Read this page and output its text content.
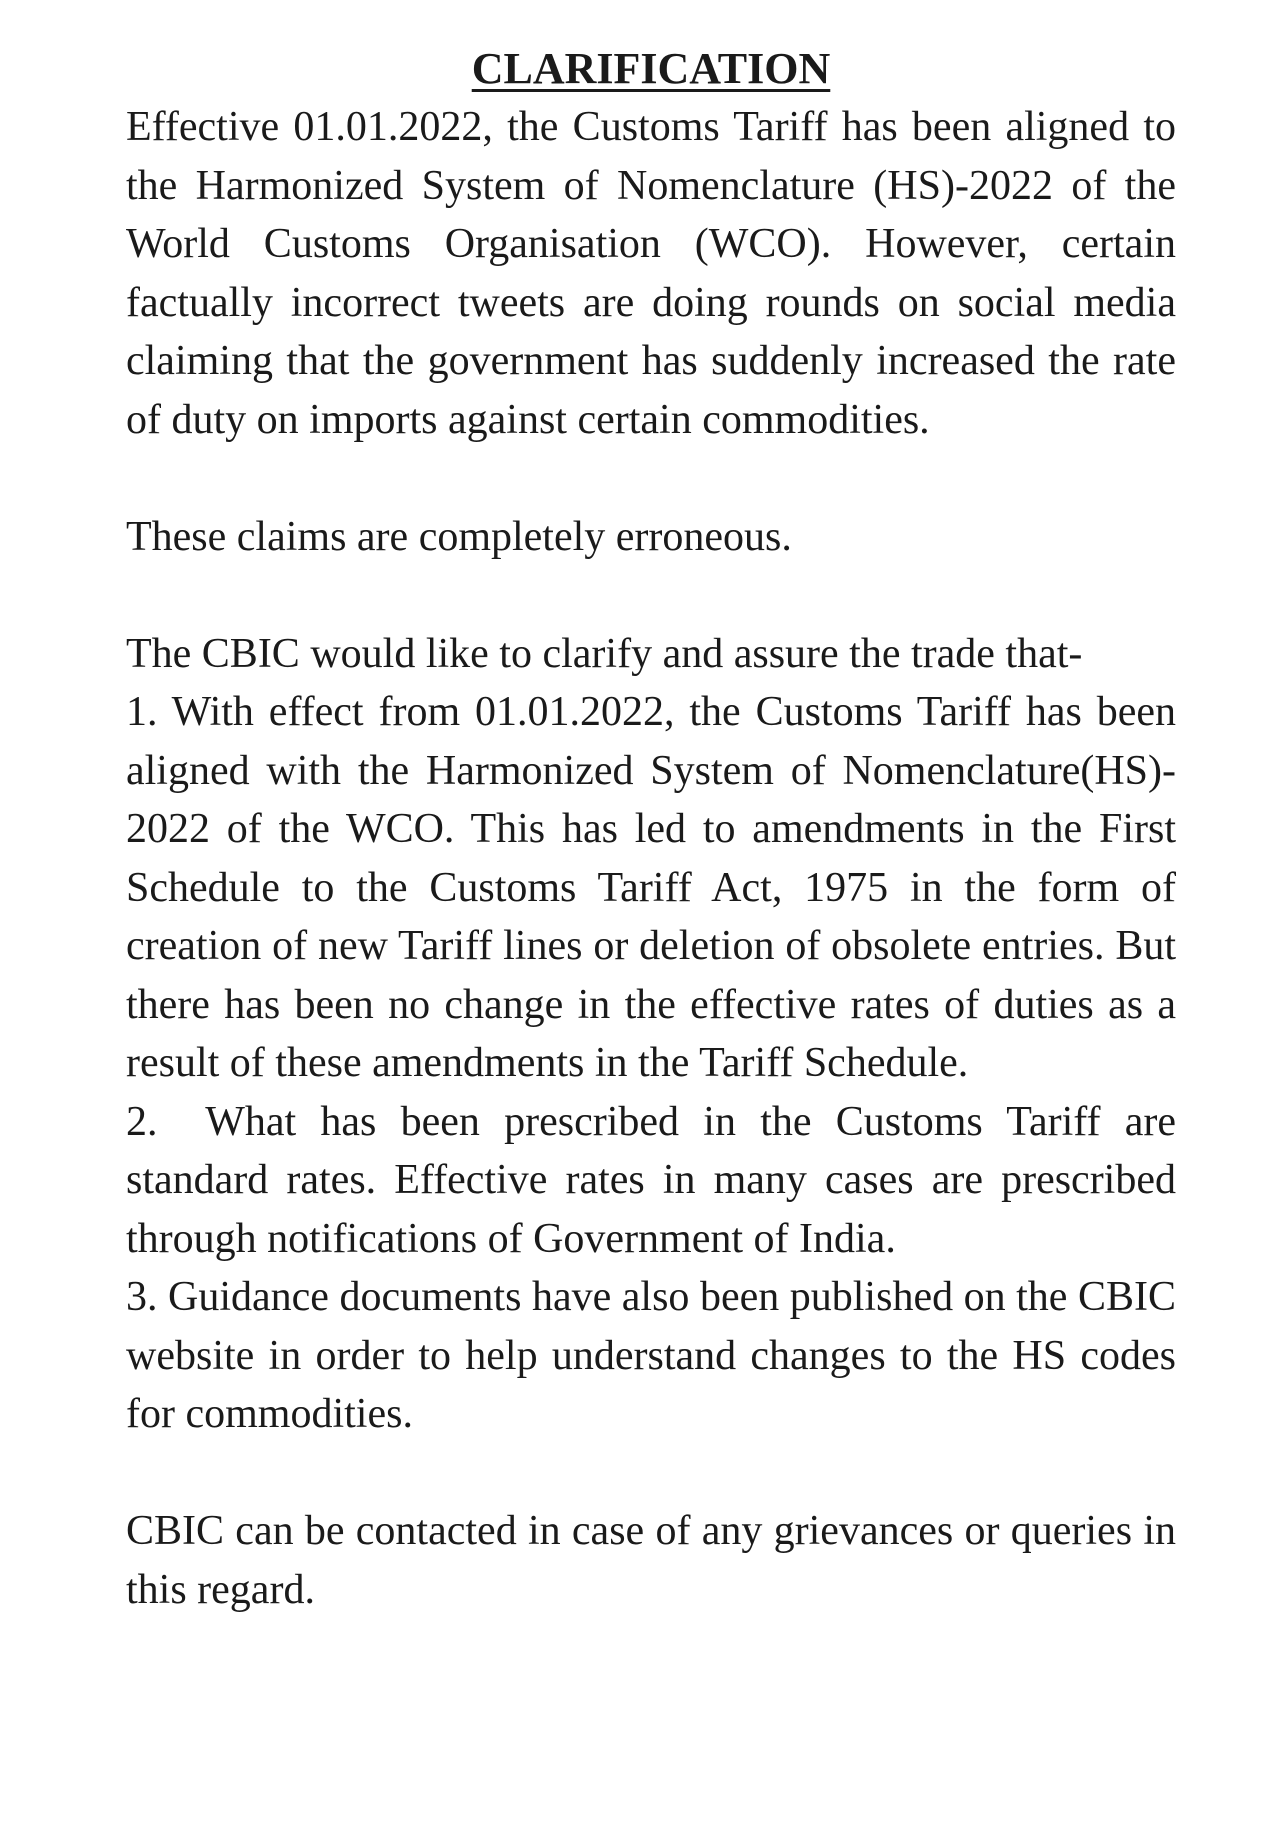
CLARIFICATION

Effective 01.01.2022, the Customs Tariff has been aligned to the Harmonized System of Nomenclature (HS)-2022 of the World Customs Organisation (WCO). However, certain factually incorrect tweets are doing rounds on social media claiming that the government has suddenly increased the rate of duty on imports against certain commodities.

These claims are completely erroneous.

The CBIC would like to clarify and assure the trade that-

1. With effect from 01.01.2022, the Customs Tariff has been aligned with the Harmonized System of Nomenclature(HS)- 2022 of the WCO. This has led to amendments in the First Schedule to the Customs Tariff Act, 1975 in the form of creation of new Tariff lines or deletion of obsolete entries. But there has been no change in the effective rates of duties as a result of these amendments in the Tariff Schedule.

2.  What has been prescribed in the Customs Tariff are standard rates. Effective rates in many cases are prescribed through notifications of Government of India.

3. Guidance documents have also been published on the CBIC website in order to help understand changes to the HS codes for commodities.

CBIC can be contacted in case of any grievances or queries in this regard.
